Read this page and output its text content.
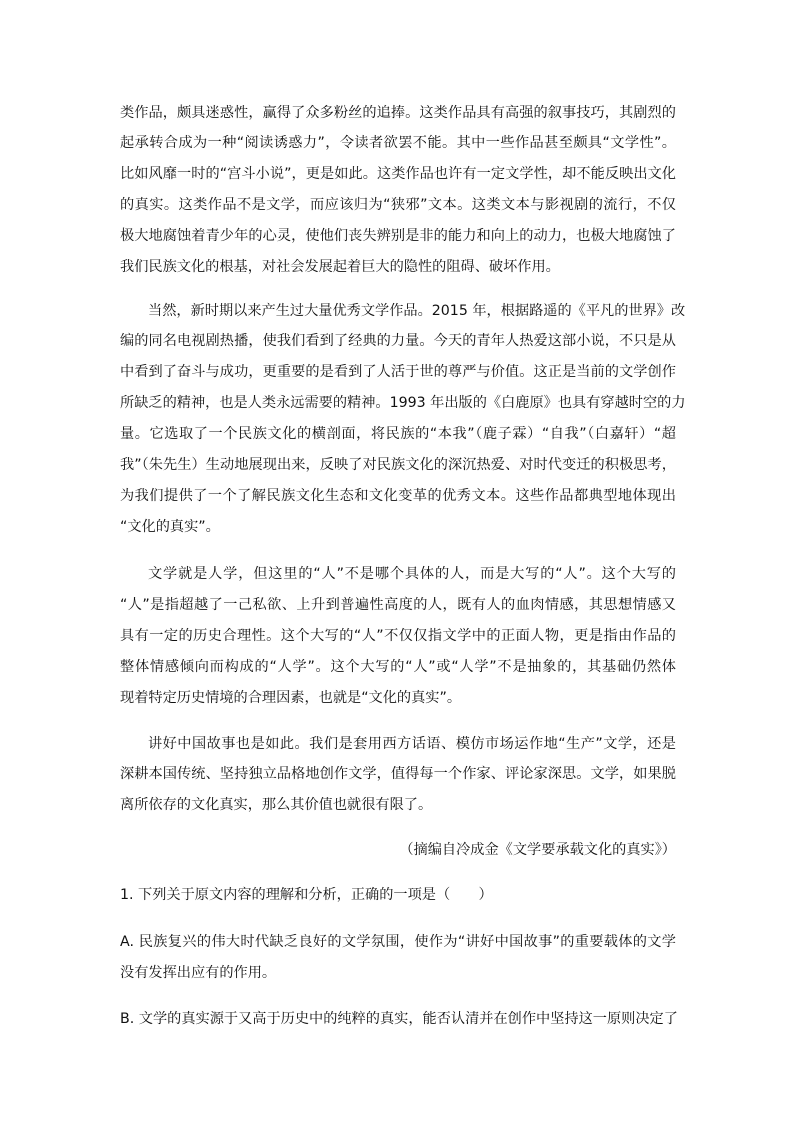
类作品，颇具迷惑性，赢得了众多粉丝的追捧。这类作品具有高强的叙事技巧，其剧烈的
起承转合成为一种“阅读诱惑力”，令读者欲罢不能。其中一些作品甚至颇具“文学性”。
比如风靡一时的“宫斗小说”，更是如此。这类作品也许有一定文学性，却不能反映出文化
的真实。这类作品不是文学，而应该归为“狭邪”文本。这类文本与影视剧的流行，不仅
极大地腐蚀着青少年的心灵，使他们丧失辨别是非的能力和向上的动力，也极大地腐蚀了
我们民族文化的根基，对社会发展起着巨大的隐性的阻碍、破坏作用。
当然，新时期以来产生过大量优秀文学作品。2015 年，根据路遥的《平凡的世界》改
编的同名电视剧热播，使我们看到了经典的力量。今天的青年人热爱这部小说，不只是从
中看到了奋斗与成功，更重要的是看到了人活于世的尊严与价值。这正是当前的文学创作
所缺乏的精神，也是人类永远需要的精神。1993 年出版的《白鹿原》也具有穿越时空的力
量。它选取了一个民族文化的横剖面，将民族的“本我”（鹿子霖）“自我”（白嘉轩）“超
我”（朱先生）生动地展现出来，反映了对民族文化的深沉热爱、对时代变迁的积极思考，
为我们提供了一个了解民族文化生态和文化变革的优秀文本。这些作品都典型地体现出
“文化的真实”。
文学就是人学，但这里的“人”不是哪个具体的人，而是大写的“人”。这个大写的
“人”是指超越了一己私欲、上升到普遍性高度的人，既有人的血肉情感，其思想情感又
具有一定的历史合理性。这个大写的“人”不仅仅指文学中的正面人物，更是指由作品的
整体情感倾向而构成的“人学”。这个大写的“人”或“人学”不是抽象的，其基础仍然体
现着特定历史情境的合理因素，也就是“文化的真实”。
讲好中国故事也是如此。我们是套用西方话语、模仿市场运作地“生产”文学，还是
深耕本国传统、坚持独立品格地创作文学，值得每一个作家、评论家深思。文学，如果脱
离所依存的文化真实，那么其价值也就很有限了。
（摘编自冷成金《文学要承载文化的真实》）
1. 下列关于原文内容的理解和分析，正确的一项是（　　）
A. 民族复兴的伟大时代缺乏良好的文学氛围，使作为“讲好中国故事”的重要载体的文学
没有发挥出应有的作用。
B. 文学的真实源于又高于历史中的纯粹的真实，能否认清并在创作中坚持这一原则决定了
